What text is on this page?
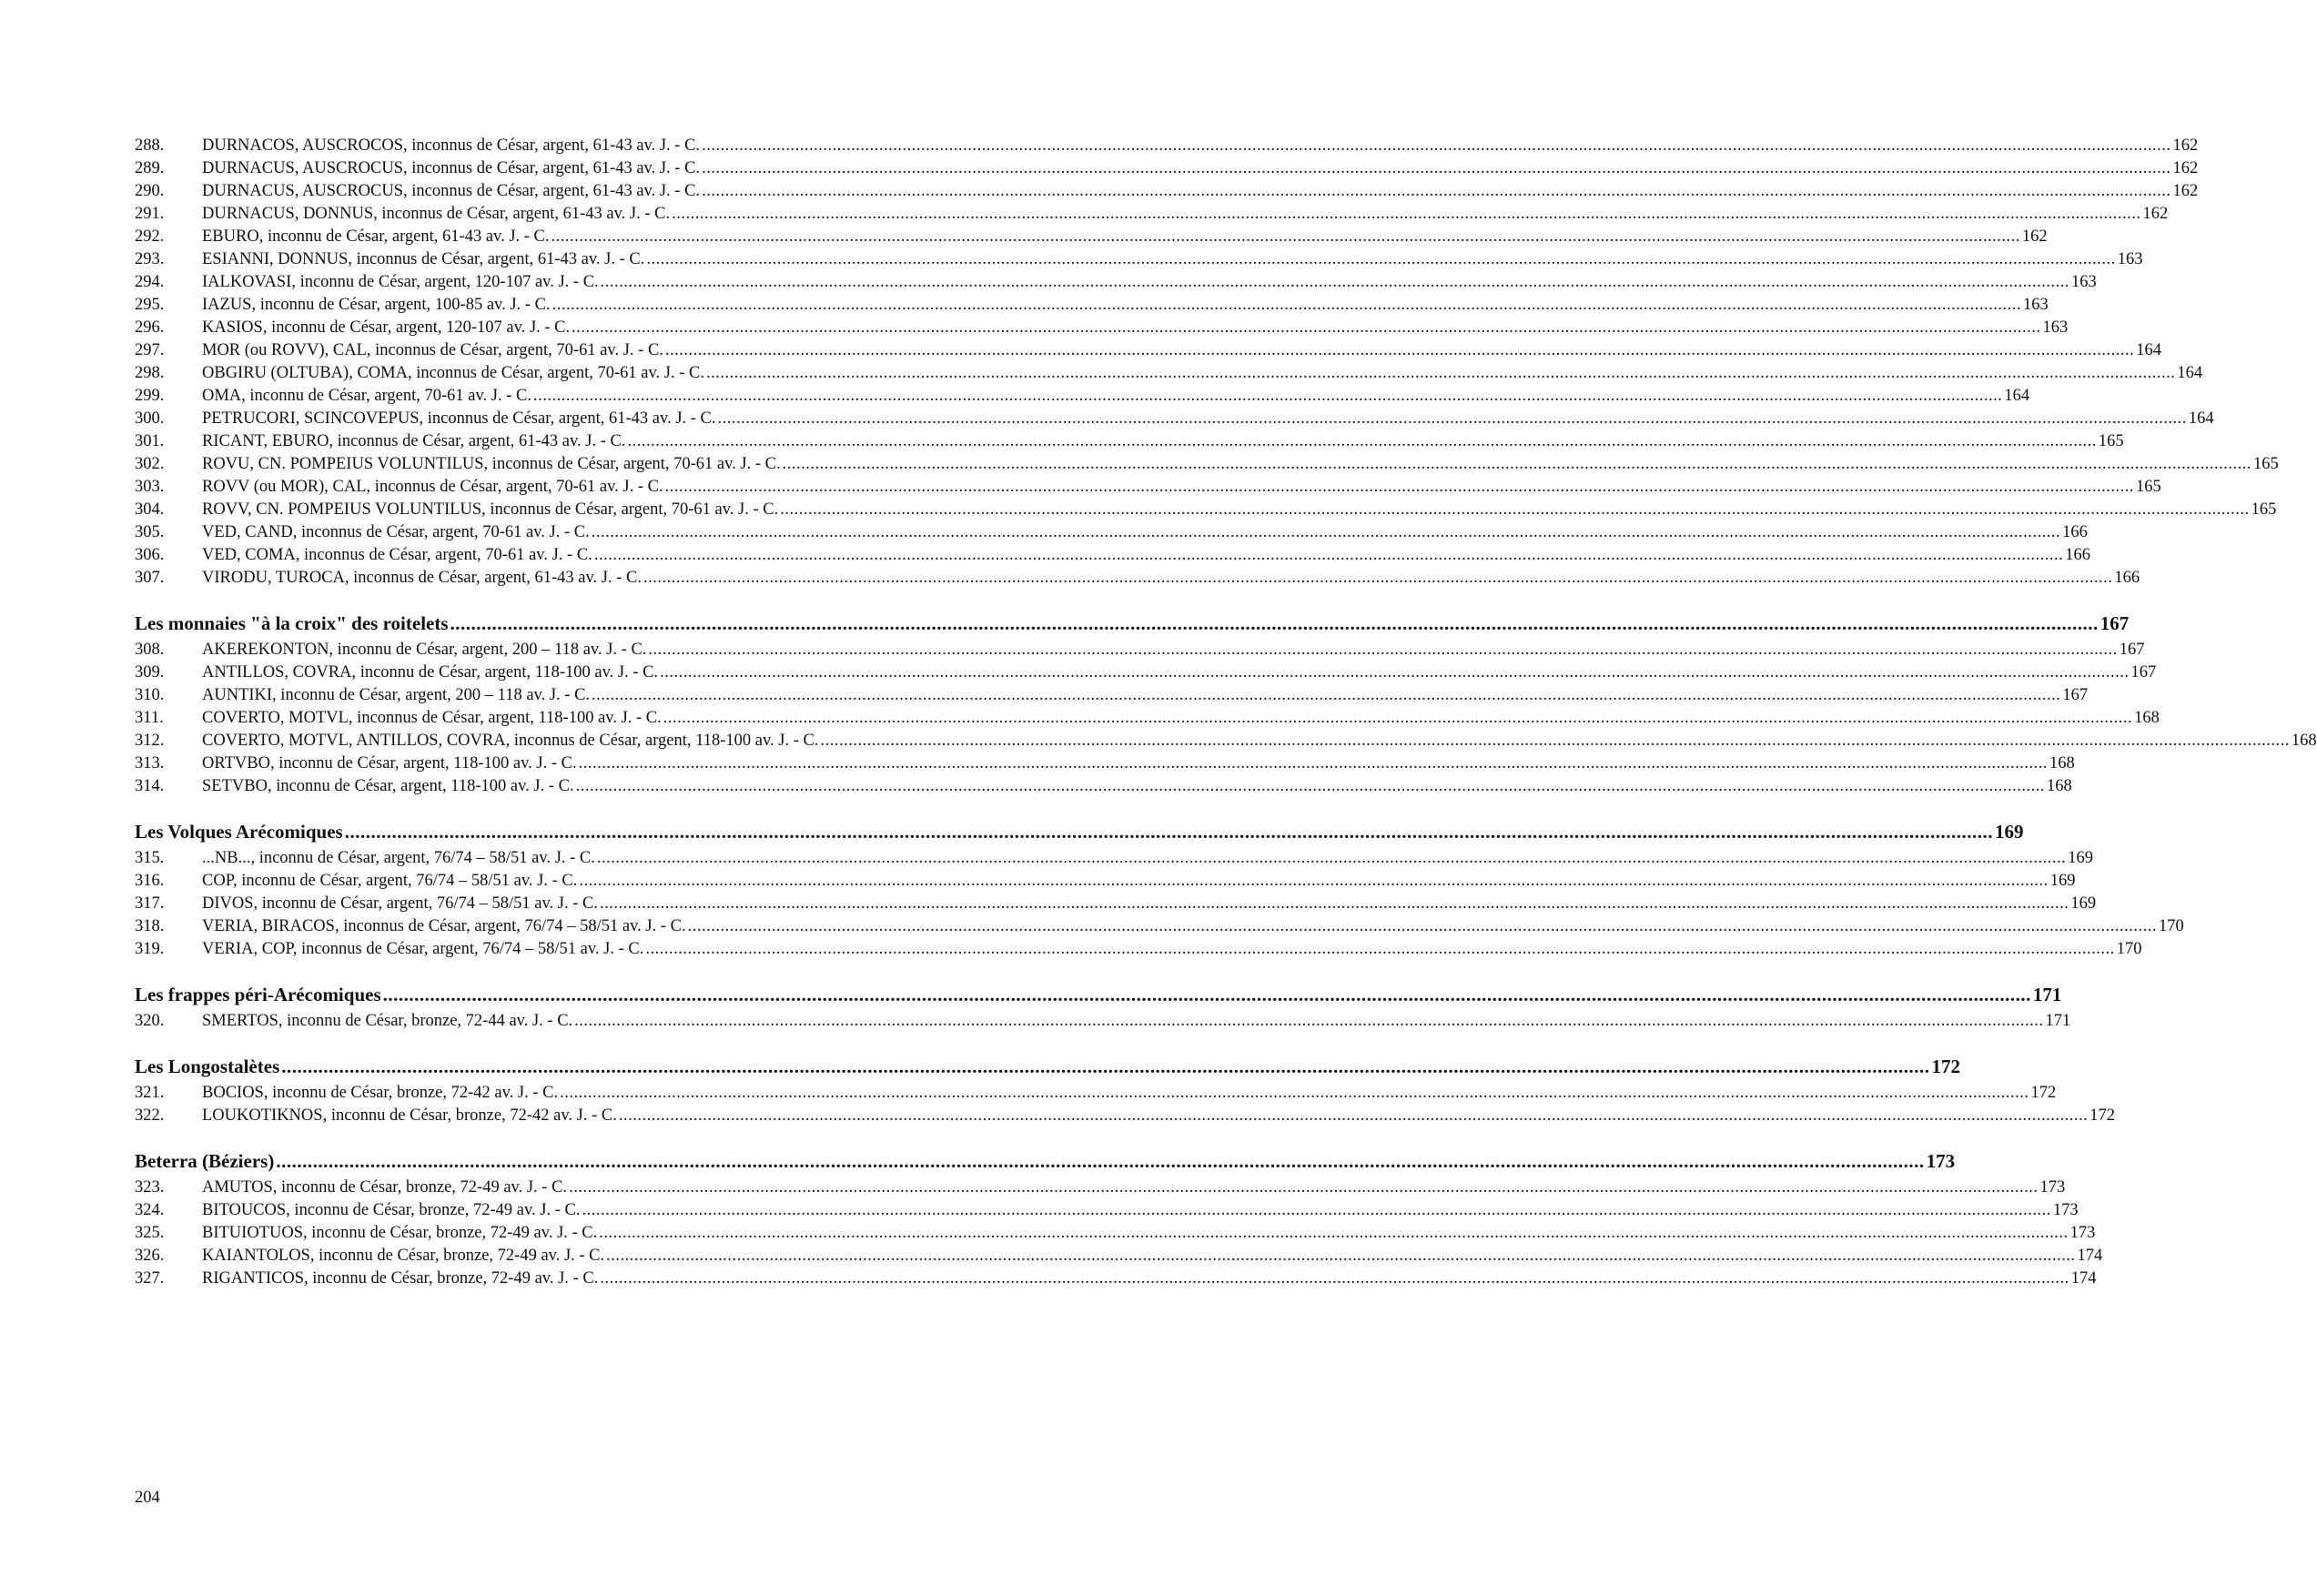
288.	DURNACOS, AUSCROCOS, inconnus de César, argent, 61-43 av. J. - C. .....	162
289.	DURNACUS, AUSCROCUS, inconnus de César, argent, 61-43 av. J. - C. .....	162
290.	DURNACUS, AUSCROCUS, inconnus de César, argent, 61-43 av. J. - C. .....	162
291.	DURNACUS, DONNUS, inconnus de César, argent, 61-43 av. J. - C. .....	162
292.	EBURO, inconnu de César, argent, 61-43 av. J. - C. .....	162
293.	ESIANNI, DONNUS, inconnus de César, argent, 61-43 av. J. - C. .....	163
294.	IALKOVASI, inconnu de César, argent, 120-107 av. J. - C. .....	163
295.	IAZUS, inconnu de César, argent, 100-85 av. J. - C. .....	163
296.	KASIOS, inconnu de César, argent, 120-107 av. J. - C. .....	163
297.	MOR (ou ROVV), CAL, inconnus de César, argent, 70-61 av. J. - C. .....	164
298.	OBGIRU (OLTUBA), COMA, inconnus de César, argent, 70-61 av. J. - C. .....	164
299.	OMA, inconnu de César, argent, 70-61 av. J. - C. .....	164
300.	PETRUCORI, SCINCOVEPUS, inconnus de César, argent, 61-43 av. J. - C. .....	164
301.	RICANT, EBURO, inconnus de César, argent, 61-43 av. J. - C. .....	165
302.	ROVU, CN. POMPEIUS VOLUNTILUS, inconnus de César, argent, 70-61 av. J. - C. .....	165
303.	ROVV (ou MOR), CAL, inconnus de César, argent, 70-61 av. J. - C. .....	165
304.	ROVV, CN. POMPEIUS VOLUNTILUS, inconnus de César, argent, 70-61 av. J. - C. .....	165
305.	VED, CAND, inconnus de César, argent, 70-61 av. J. - C. .....	166
306.	VED, COMA, inconnus de César, argent, 70-61 av. J. - C. .....	166
307.	VIRODU, TUROCA, inconnus de César, argent, 61-43 av. J. - C. .....	166
Les monnaies "à la croix" des roitelets .....	167
308.	AKEREKONTON, inconnu de César, argent, 200 – 118 av. J. - C. .....	167
309.	ANTILLOS, COVRA, inconnu de César, argent, 118-100 av. J. - C. .....	167
310.	AUNTIKI, inconnu de César, argent, 200 – 118 av. J. - C. .....	167
311.	COVERTO, MOTVL, inconnus de César, argent, 118-100 av. J. - C. .....	168
312.	COVERTO, MOTVL, ANTILLOS, COVRA, inconnus de César, argent, 118-100 av. J. - C. .....	168
313.	ORTVBO, inconnu de César, argent, 118-100 av. J. - C. .....	168
314.	SETVBO, inconnu de César, argent, 118-100 av. J. - C. .....	168
Les Volques Arécomiques .....	169
315.	...NB..., inconnu de César, argent, 76/74 – 58/51 av. J. - C. .....	169
316.	COP, inconnu de César, argent, 76/74 – 58/51 av. J. - C. .....	169
317.	DIVOS, inconnu de César, argent, 76/74 – 58/51 av. J. - C. .....	169
318.	VERIA, BIRACOS, inconnus de César, argent, 76/74 – 58/51 av. J. - C. .....	170
319.	VERIA, COP, inconnus de César, argent, 76/74 – 58/51 av. J. - C. .....	170
Les frappes péri-Arécomiques .....	171
320.	SMERTOS, inconnu de César, bronze, 72-44 av. J. - C. .....	171
Les Longostalètes .....	172
321.	BOCIOS, inconnu de César, bronze, 72-42 av. J. - C. .....	172
322.	LOUKOTIKNOS, inconnu de César, bronze, 72-42 av. J. - C. .....	172
Beterra (Béziers) .....	173
323.	AMUTOS, inconnu de César, bronze, 72-49 av. J. - C. .....	173
324.	BITOUCOS, inconnu de César, bronze, 72-49 av. J. - C. .....	173
325.	BITUIOTUOS, inconnu de César, bronze, 72-49 av. J. - C. .....	173
326.	KAIANTOLOS, inconnu de César, bronze, 72-49 av. J. - C. .....	174
327.	RIGANTICOS, inconnu de César, bronze, 72-49 av. J. - C. .....	174
204
